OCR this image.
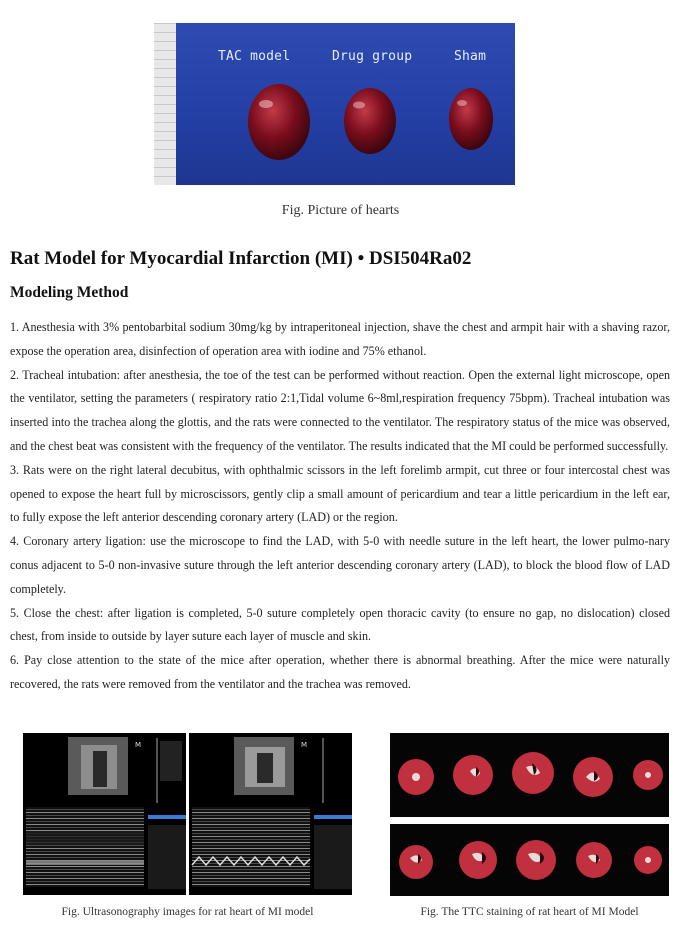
TAC model	Drug group	Sham
Fig. Picture of hearts
Rat Model for Myocardial Infarction (MI) • DSI504Ra02
Modeling Method

1. Anesthesia with 3% pentobarbital sodium 30mg/kg by intraperitoneal injection, shave the chest and armpit hair with a shaving razor, expose the operation area, disinfection of operation area with iodine and 75% ethanol.

2. Tracheal intubation: after anesthesia, the toe of the test can be performed without reaction. Open the external light microscope, open the ventilator, setting the parameters ( respiratory ratio 2:1,Tidal volume 6~8ml,respiration frequency 75bpm). Tracheal intubation was inserted into the trachea along the glottis, and the rats were connected to the ventilator. The respiratory status of the mice was observed, and the chest beat was consistent with the frequency of the ventilator. The results indicated that the MI could be performed successfully.

3. Rats were on the right lateral decubitus, with ophthalmic scissors in the left forelimb armpit, cut three or four intercostal chest was opened to expose the heart full by microscissors, gently clip a small amount of pericardium and tear a little pericardium in the left ear, to fully expose the left anterior descending coronary artery (LAD) or the region.

4. Coronary artery ligation: use the microscope to find the LAD, with 5-0 with needle suture in the left heart, the lower pulmo-nary conus adjacent to 5-0 non-invasive suture through the left anterior descending coronary artery (LAD), to block the blood flow of LAD completely.

5. Close the chest: after ligation is completed, 5-0 suture completely open thoracic cavity (to ensure no gap, no dislocation) closed chest, from inside to outside by layer suture each layer of muscle and skin.

6. Pay close attention to the state of the mice after operation, whether there is abnormal breathing. After the mice were naturally recovered, the rats were removed from the ventilator and the trachea was removed.

M	M
Fig. Ultrasonography images for rat heart of MI model	Fig. The TTC staining of rat heart of MI Model
